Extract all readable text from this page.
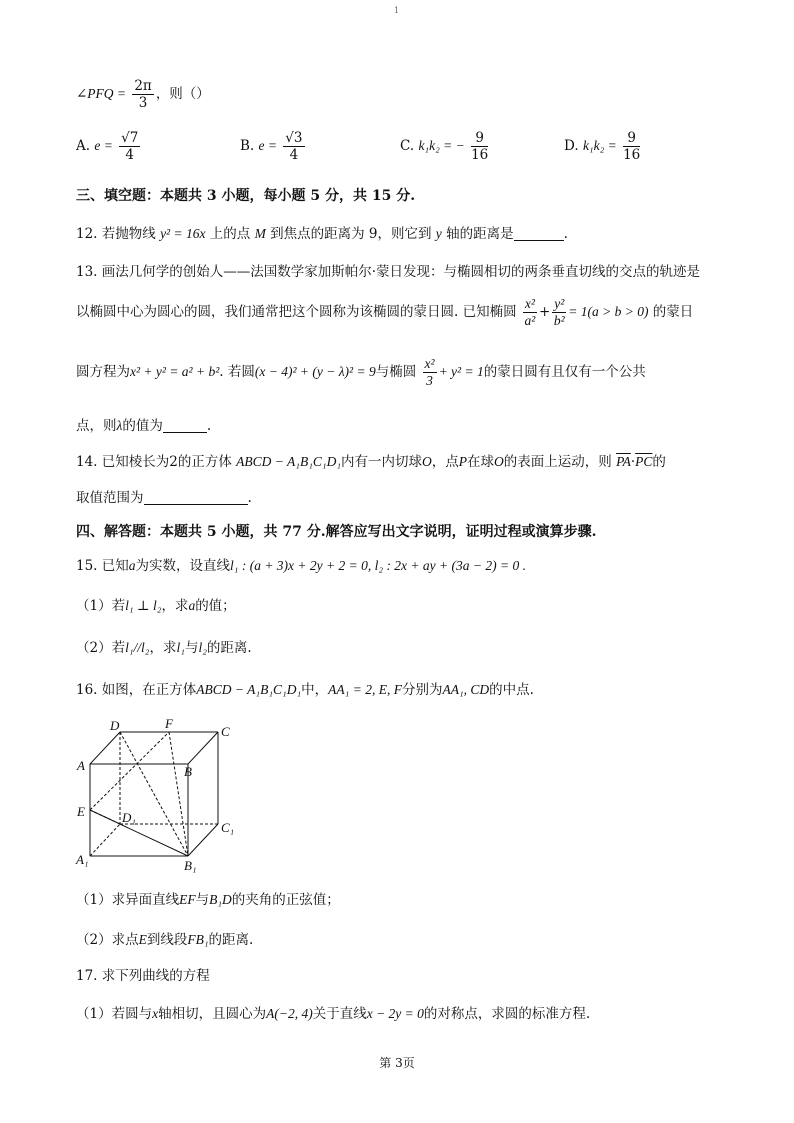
1
∠PFQ = $\frac{2\pi}{3}$ ，则（）
A. $e = \frac{√7}{4}$	B. $e = \frac{√3}{4}$	C. k₁k₂ = − $\frac{9}{16}$	D. $k_1k_2 = \frac{9}{16}$
三、填空题：本题共 3 小题，每小题 5 分，共 15 分.
12. 若抛物线 y² = 16x 上的点 M 到焦点的距离为 9，则它到 y 轴的距离是	.
13. 画法几何学的创始人——法国数学家加斯帕尔·蒙日发现：与椭圆相切的两条垂直切线的交点的轨迹是
以椭圆中心为圆心的圆，我们通常把这个圆称为该椭圆的蒙日圆. 已知椭圆 $\frac{\text{x²}}{\text{a²}} + \frac{\text{y²}}{\text{b²}} = 1(a > b > 0)$ 的蒙日
圆方程为x² + y² = a² + b². 若圆(x − 4)² + (y − λ)² = 9与椭圆 $\frac{\text{x²}}{3} + y^2 = 1$的蒙日圆有且仅有一个公共
点，则λ的值为	.
14. 已知棱长为2的正方体 ABCD − A₁B₁C₁D₁内有一内切球O，点P在球O的表面上运动，则 $\overline{PA}\cdot\overline{PC}$的
取值范围为	.
四、解答题：本题共 5 小题，共 77 分.解答应写出文字说明，证明过程或演算步骤.
15. 已知a为实数，设直线l₁ : (a + 3)x + 2y + 2 = 0, l₂ : 2x + ay + (3a − 2) = 0 .
（1）若l₁ ⊥ l₂，求a的值；
（2）若l₁//l₂，求l₁与l₂的距离.
16. 如图，在正方体ABCD − A₁B₁C₁D₁中，AA₁ = 2, E, F分别为AA₁, CD的中点.
D	F
C
A	B
E	D₁
C₁
A₁	B₁
（1）求异面直线EF与B₁D的夹角的正弦值；
（2）求点E到线段FB₁的距离.
17. 求下列曲线的方程
（1）若圆与x轴相切，且圆心为A(−2, 4)关于直线x − 2y = 0的对称点，求圆的标准方程.
第 3页
